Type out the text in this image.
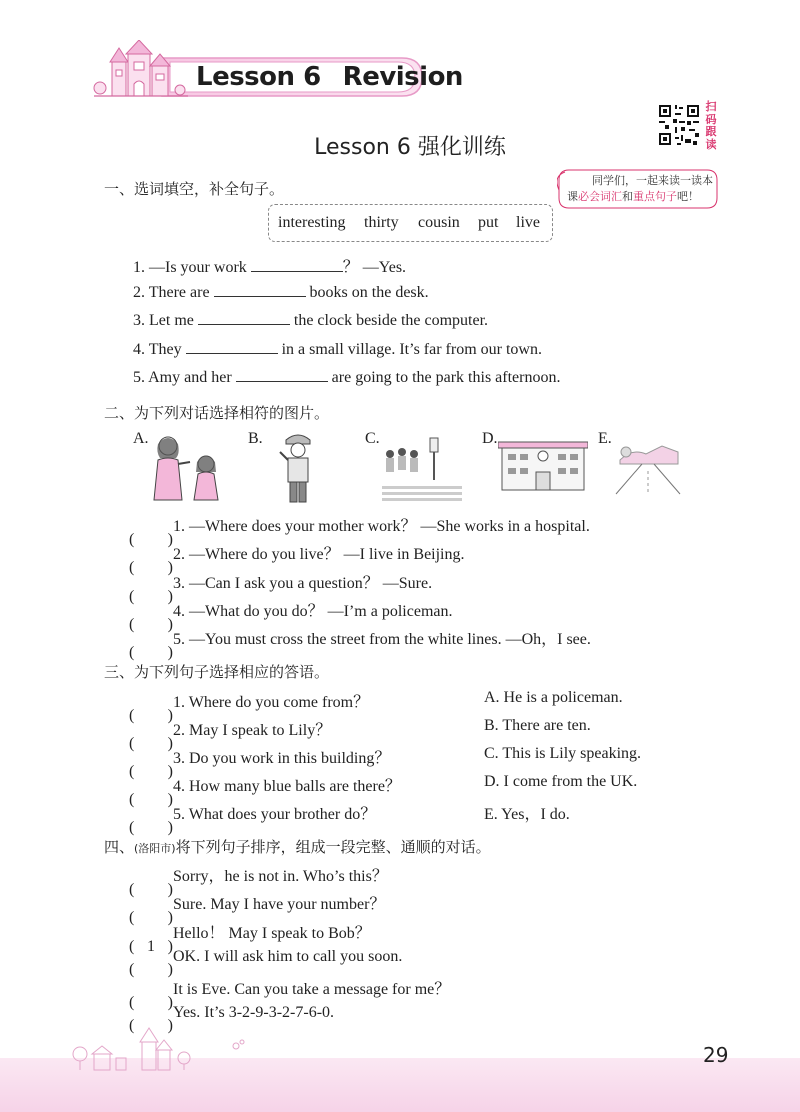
Lesson 6 Revision
Lesson 6 强化训练
扫
码
跟
读
同学们，一起来读一读本
课必会词汇和重点句子吧！
一、选词填空，补全句子。
interesting thirty cousin put live
1. —Is your work	？ —Yes.
2. There are	books on the desk.
3. Let me	the clock beside the computer.
4. They	in a small village. It’s far from our town.
5. Amy and her	are going to the park this afternoon.
二、为下列对话选择相符的图片。
A.	B.	C.	D.	E.
( )
1. —Where does your mother work？ —She works in a hospital.
( )
2. —Where do you live？ —I live in Beijing.
( )
3. —Can I ask you a question？ —Sure.
( )
4. —What do you do？ —I’m a policeman.
( )
5. —You must cross the street from the white lines. —Oh，I see.
三、为下列句子选择相应的答语。
( )
1. Where do you come from？
( )
2. May I speak to Lily？
( )
3. Do you work in this building？
( )
4. How many blue balls are there？
( )
5. What does your brother do？
A. He is a policeman.
B. There are ten.
C. This is Lily speaking.
D. I come from the UK.
E. Yes，I do.
四、(洛阳市)将下列句子排序，组成一段完整、通顺的对话。
( )
Sorry，he is not in. Who’s this？
( )
Sure. May I have your number？
( 1 )
Hello！ May I speak to Bob？
( )
OK. I will ask him to call you soon.
( )
It is Eve. Can you take a message for me？
( )
Yes. It’s 3-2-9-3-2-7-6-0.
29
